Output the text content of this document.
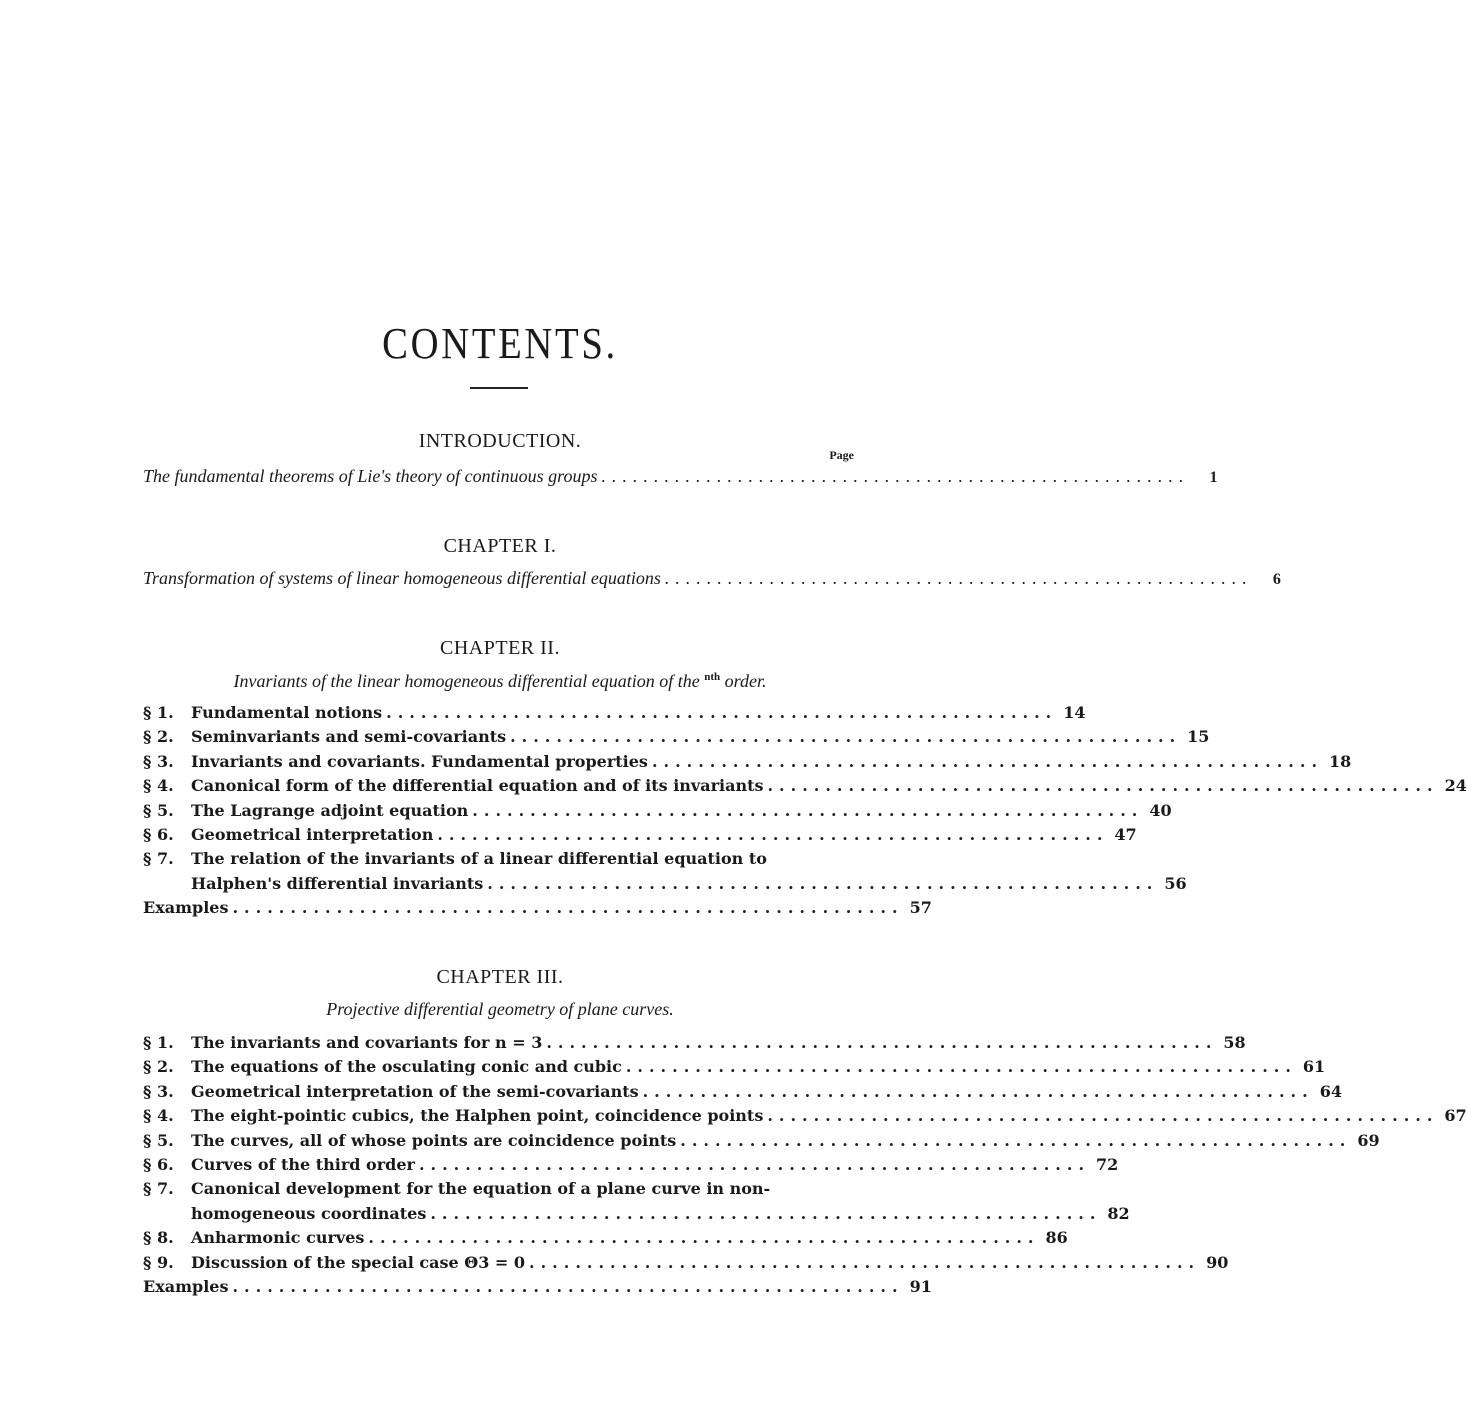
CONTENTS.
INTRODUCTION.
Page
The fundamental theorems of Lie's theory of continuous groups ........................................................	1
CHAPTER I.
Transformation of systems of linear homogeneous differential equations ........................................................	6
CHAPTER II.
Invariants of the linear homogeneous differential equation of the $^{nth}$ order.
§ 1.	Fundamental notions .......................................................... 14
§ 2.	Seminvariants and semi-covariants .......................................................... 15
§ 3.	Invariants and covariants. Fundamental properties .......................................................... 18
§ 4.	Canonical form of the differential equation and of its invariants .......................................................... 24
§ 5.	The Lagrange adjoint equation .......................................................... 40
§ 6.	Geometrical interpretation .......................................................... 47
§ 7.	The relation of the invariants of a linear differential equation to
Halphen's differential invariants .......................................................... 56
Examples .......................................................... 57
CHAPTER III.
Projective differential geometry of plane curves.
§ 1.	The invariants and covariants for n = 3 .......................................................... 58
§ 2.	The equations of the osculating conic and cubic .......................................................... 61
§ 3.	Geometrical interpretation of the semi-covariants .......................................................... 64
§ 4.	The eight-pointic cubics, the Halphen point, coincidence points .......................................................... 67
§ 5.	The curves, all of whose points are coincidence points .......................................................... 69
§ 6.	Curves of the third order .......................................................... 72
§ 7.	Canonical development for the equation of a plane curve in non-
homogeneous coordinates .......................................................... 82
§ 8.	Anharmonic curves .......................................................... 86
§ 9.	Discussion of the special case Θ3 = 0 .......................................................... 90
Examples .......................................................... 91
